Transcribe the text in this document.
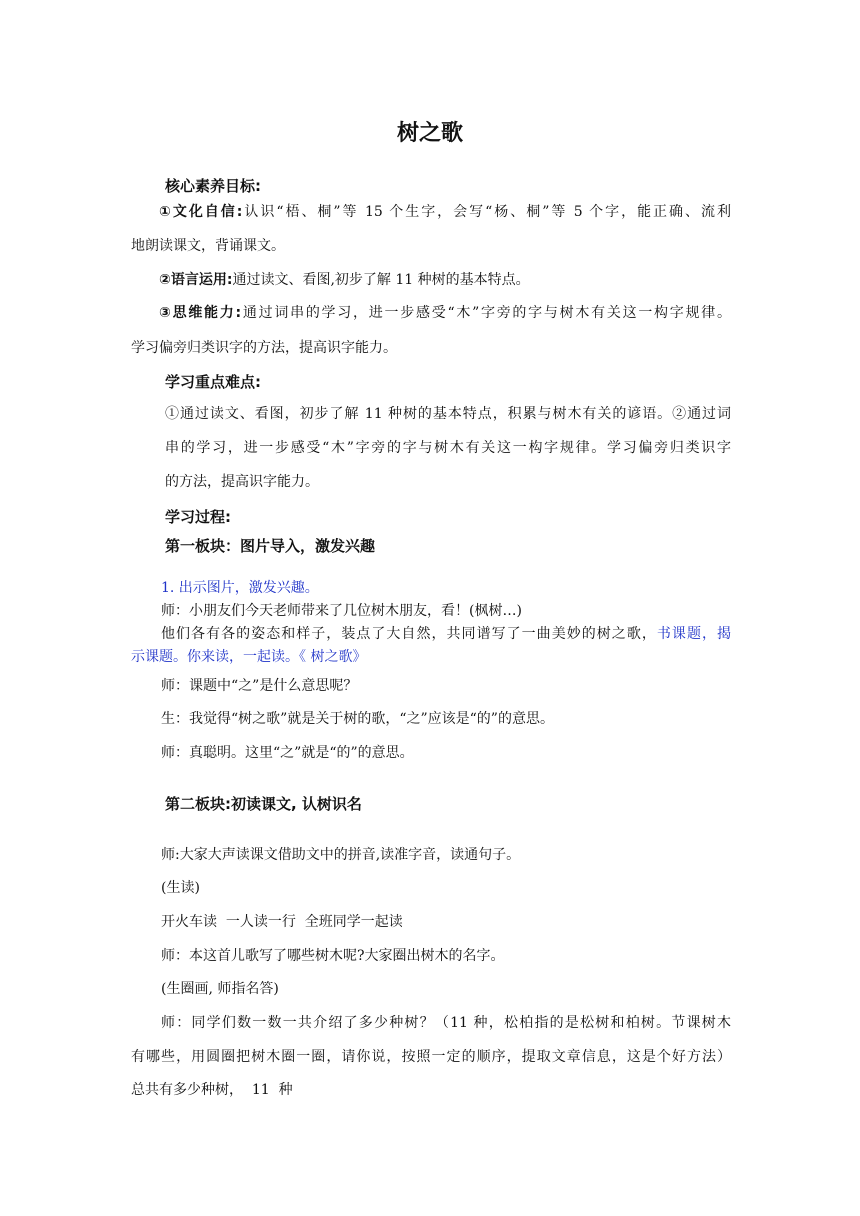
树之歌
核心素养目标:
①文化自信:认识“梧、桐”等 15 个生字，会写“杨、桐”等 5 个字，能正确、流利
地朗读课文，背诵课文。
②语言运用:通过读文、看图,初步了解 11 种树的基本特点。
③思维能力:通过词串的学习，进一步感受“木”字旁的字与树木有关这一构字规律。
学习偏旁归类识字的方法，提高识字能力。
学习重点难点:
①通过读文、看图，初步了解 11 种树的基本特点，积累与树木有关的谚语。②通过词
串的学习，进一步感受“木”字旁的字与树木有关这一构字规律。学习偏旁归类识字
的方法，提高识字能力。
学习过程:
第一板块：图片导入，激发兴趣
1. 出示图片，激发兴趣。
师：小朋友们今天老师带来了几位树木朋友，看！(枫树…)
他们各有各的姿态和样子，装点了大自然，共同谱写了一曲美妙的树之歌，书课题，揭
示课题。你来读，一起读。《 树之歌》
师：课题中“之”是什么意思呢？
生：我觉得“树之歌”就是关于树的歌，“之”应该是“的”的意思。
师：真聪明。这里“之”就是“的”的意思。
第二板块:初读课文, 认树识名
师:大家大声读课文借助文中的拼音,读准字音，读通句子。
(生读)
开火车读  一人读一行  全班同学一起读
师：本这首儿歌写了哪些树木呢?大家圈出树木的名字。
(生圈画, 师指名答)
师：同学们数一数一共介绍了多少种树？（11 种，松柏指的是松树和柏树。节课树木
有哪些，用圆圈把树木圈一圈，请你说，按照一定的顺序，提取文章信息，这是个好方法）
总共有多少种树，  11  种
